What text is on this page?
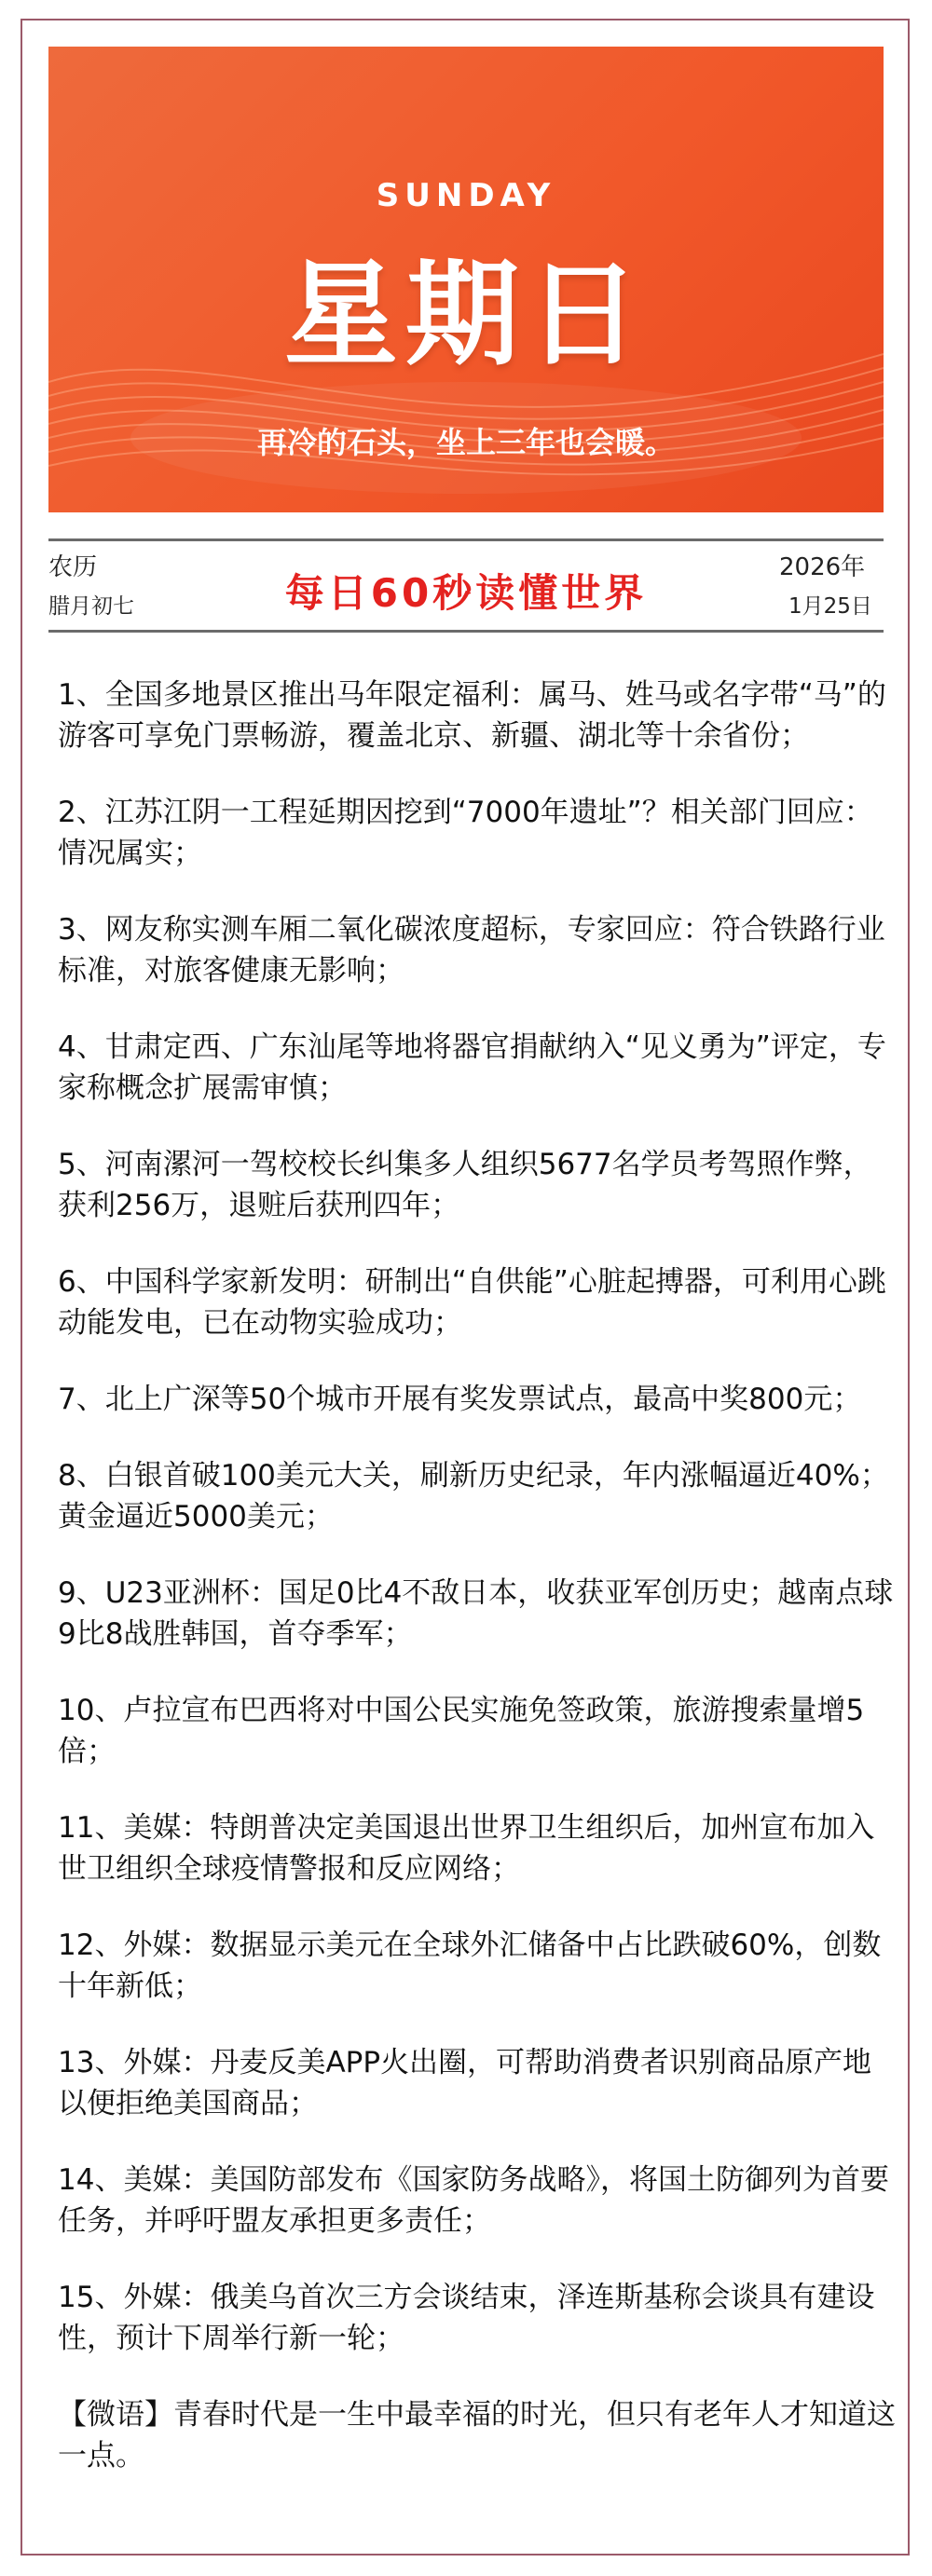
SUNDAY
星期日
再冷的石头，坐上三年也会暖。
农历
腊月初七	每日60秒读懂世界
2026年
1月25日
1、全国多地景区推出马年限定福利：属马、姓马或名字带“马”的游客可享免门票畅游，覆盖北京、新疆、湖北等十余省份；
2、江苏江阴一工程延期因挖到“7000年遗址”？相关部门回应：情况属实；
3、网友称实测车厢二氧化碳浓度超标，专家回应：符合铁路行业标准，对旅客健康无影响；
4、甘肃定西、广东汕尾等地将器官捐献纳入“见义勇为”评定，专家称概念扩展需审慎；
5、河南漯河一驾校校长纠集多人组织5677名学员考驾照作弊，获利256万，退赃后获刑四年；
6、中国科学家新发明：研制出“自供能”心脏起搏器，可利用心跳动能发电，已在动物实验成功；
7、北上广深等50个城市开展有奖发票试点，最高中奖800元；
8、白银首破100美元大关，刷新历史纪录，年内涨幅逼近40%；黄金逼近5000美元；
9、U23亚洲杯：国足0比4不敌日本，收获亚军创历史；越南点球9比8战胜韩国，首夺季军；
10、卢拉宣布巴西将对中国公民实施免签政策，旅游搜索量增5倍；
11、美媒：特朗普决定美国退出世界卫生组织后，加州宣布加入世卫组织全球疫情警报和反应网络；
12、外媒：数据显示美元在全球外汇储备中占比跌破60%，创数十年新低；
13、外媒：丹麦反美APP火出圈，可帮助消费者识别商品原产地以便拒绝美国商品；
14、美媒：美国防部发布《国家防务战略》，将国土防御列为首要任务，并呼吁盟友承担更多责任；
15、外媒：俄美乌首次三方会谈结束，泽连斯基称会谈具有建设性，预计下周举行新一轮；
【微语】青春时代是一生中最幸福的时光，但只有老年人才知道这一点。
